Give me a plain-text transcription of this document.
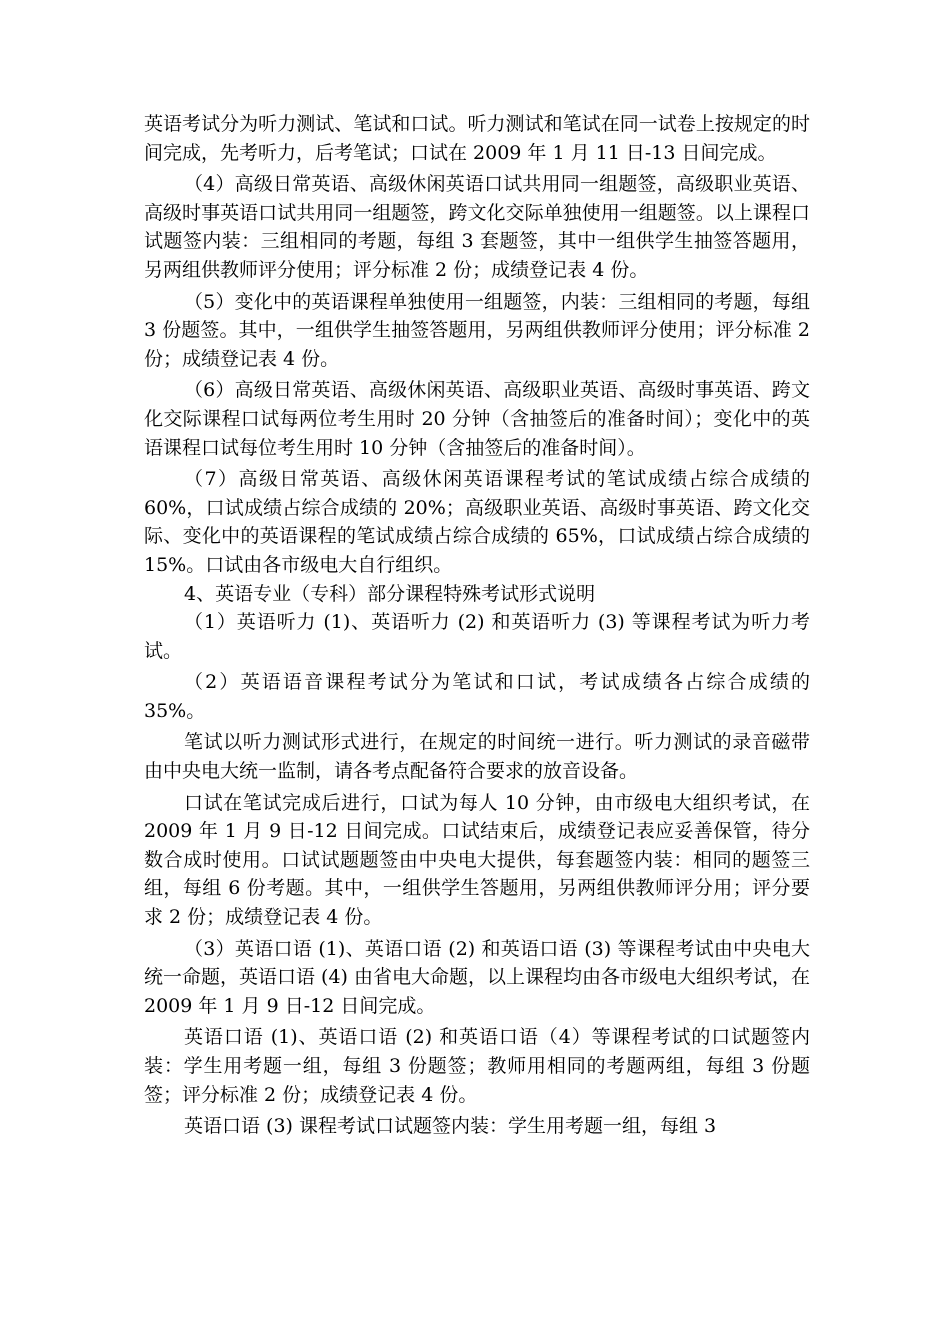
英语考试分为听力测试、笔试和口试。听力测试和笔试在同一试卷上按规定的时间完成，先考听力，后考笔试；口试在 2009 年 1 月 11 日-13 日间完成。

（4）高级日常英语、高级休闲英语口试共用同一组题签，高级职业英语、高级时事英语口试共用同一组题签，跨文化交际单独使用一组题签。以上课程口试题签内装：三组相同的考题，每组 3 套题签，其中一组供学生抽签答题用，另两组供教师评分使用；评分标准 2 份；成绩登记表 4 份。

（5）变化中的英语课程单独使用一组题签，内装：三组相同的考题，每组 3 份题签。其中，一组供学生抽签答题用，另两组供教师评分使用；评分标准 2 份；成绩登记表 4 份。

（6）高级日常英语、高级休闲英语、高级职业英语、高级时事英语、跨文化交际课程口试每两位考生用时 20 分钟（含抽签后的准备时间）；变化中的英语课程口试每位考生用时 10 分钟（含抽签后的准备时间）。

（7）高级日常英语、高级休闲英语课程考试的笔试成绩占综合成绩的 60%，口试成绩占综合成绩的 20%；高级职业英语、高级时事英语、跨文化交际、变化中的英语课程的笔试成绩占综合成绩的 65%，口试成绩占综合成绩的 15%。口试由各市级电大自行组织。

4、英语专业（专科）部分课程特殊考试形式说明

（1）英语听力 (1)、英语听力 (2) 和英语听力 (3) 等课程考试为听力考试。

（2）英语语音课程考试分为笔试和口试，考试成绩各占综合成绩的 35%。

笔试以听力测试形式进行，在规定的时间统一进行。听力测试的录音磁带由中央电大统一监制，请各考点配备符合要求的放音设备。

口试在笔试完成后进行，口试为每人 10 分钟，由市级电大组织考试，在 2009 年 1 月 9 日-12 日间完成。口试结束后，成绩登记表应妥善保管，待分数合成时使用。口试试题题签由中央电大提供，每套题签内装：相同的题签三组，每组 6 份考题。其中，一组供学生答题用，另两组供教师评分用；评分要求 2 份；成绩登记表 4 份。

（3）英语口语 (1)、英语口语 (2) 和英语口语 (3) 等课程考试由中央电大统一命题，英语口语 (4) 由省电大命题，以上课程均由各市级电大组织考试，在 2009 年 1 月 9 日-12 日间完成。

英语口语 (1)、英语口语 (2) 和英语口语（4）等课程考试的口试题签内装：学生用考题一组，每组 3 份题签；教师用相同的考题两组，每组 3 份题签；评分标准 2 份；成绩登记表 4 份。

英语口语 (3) 课程考试口试题签内装：学生用考题一组，每组 3
